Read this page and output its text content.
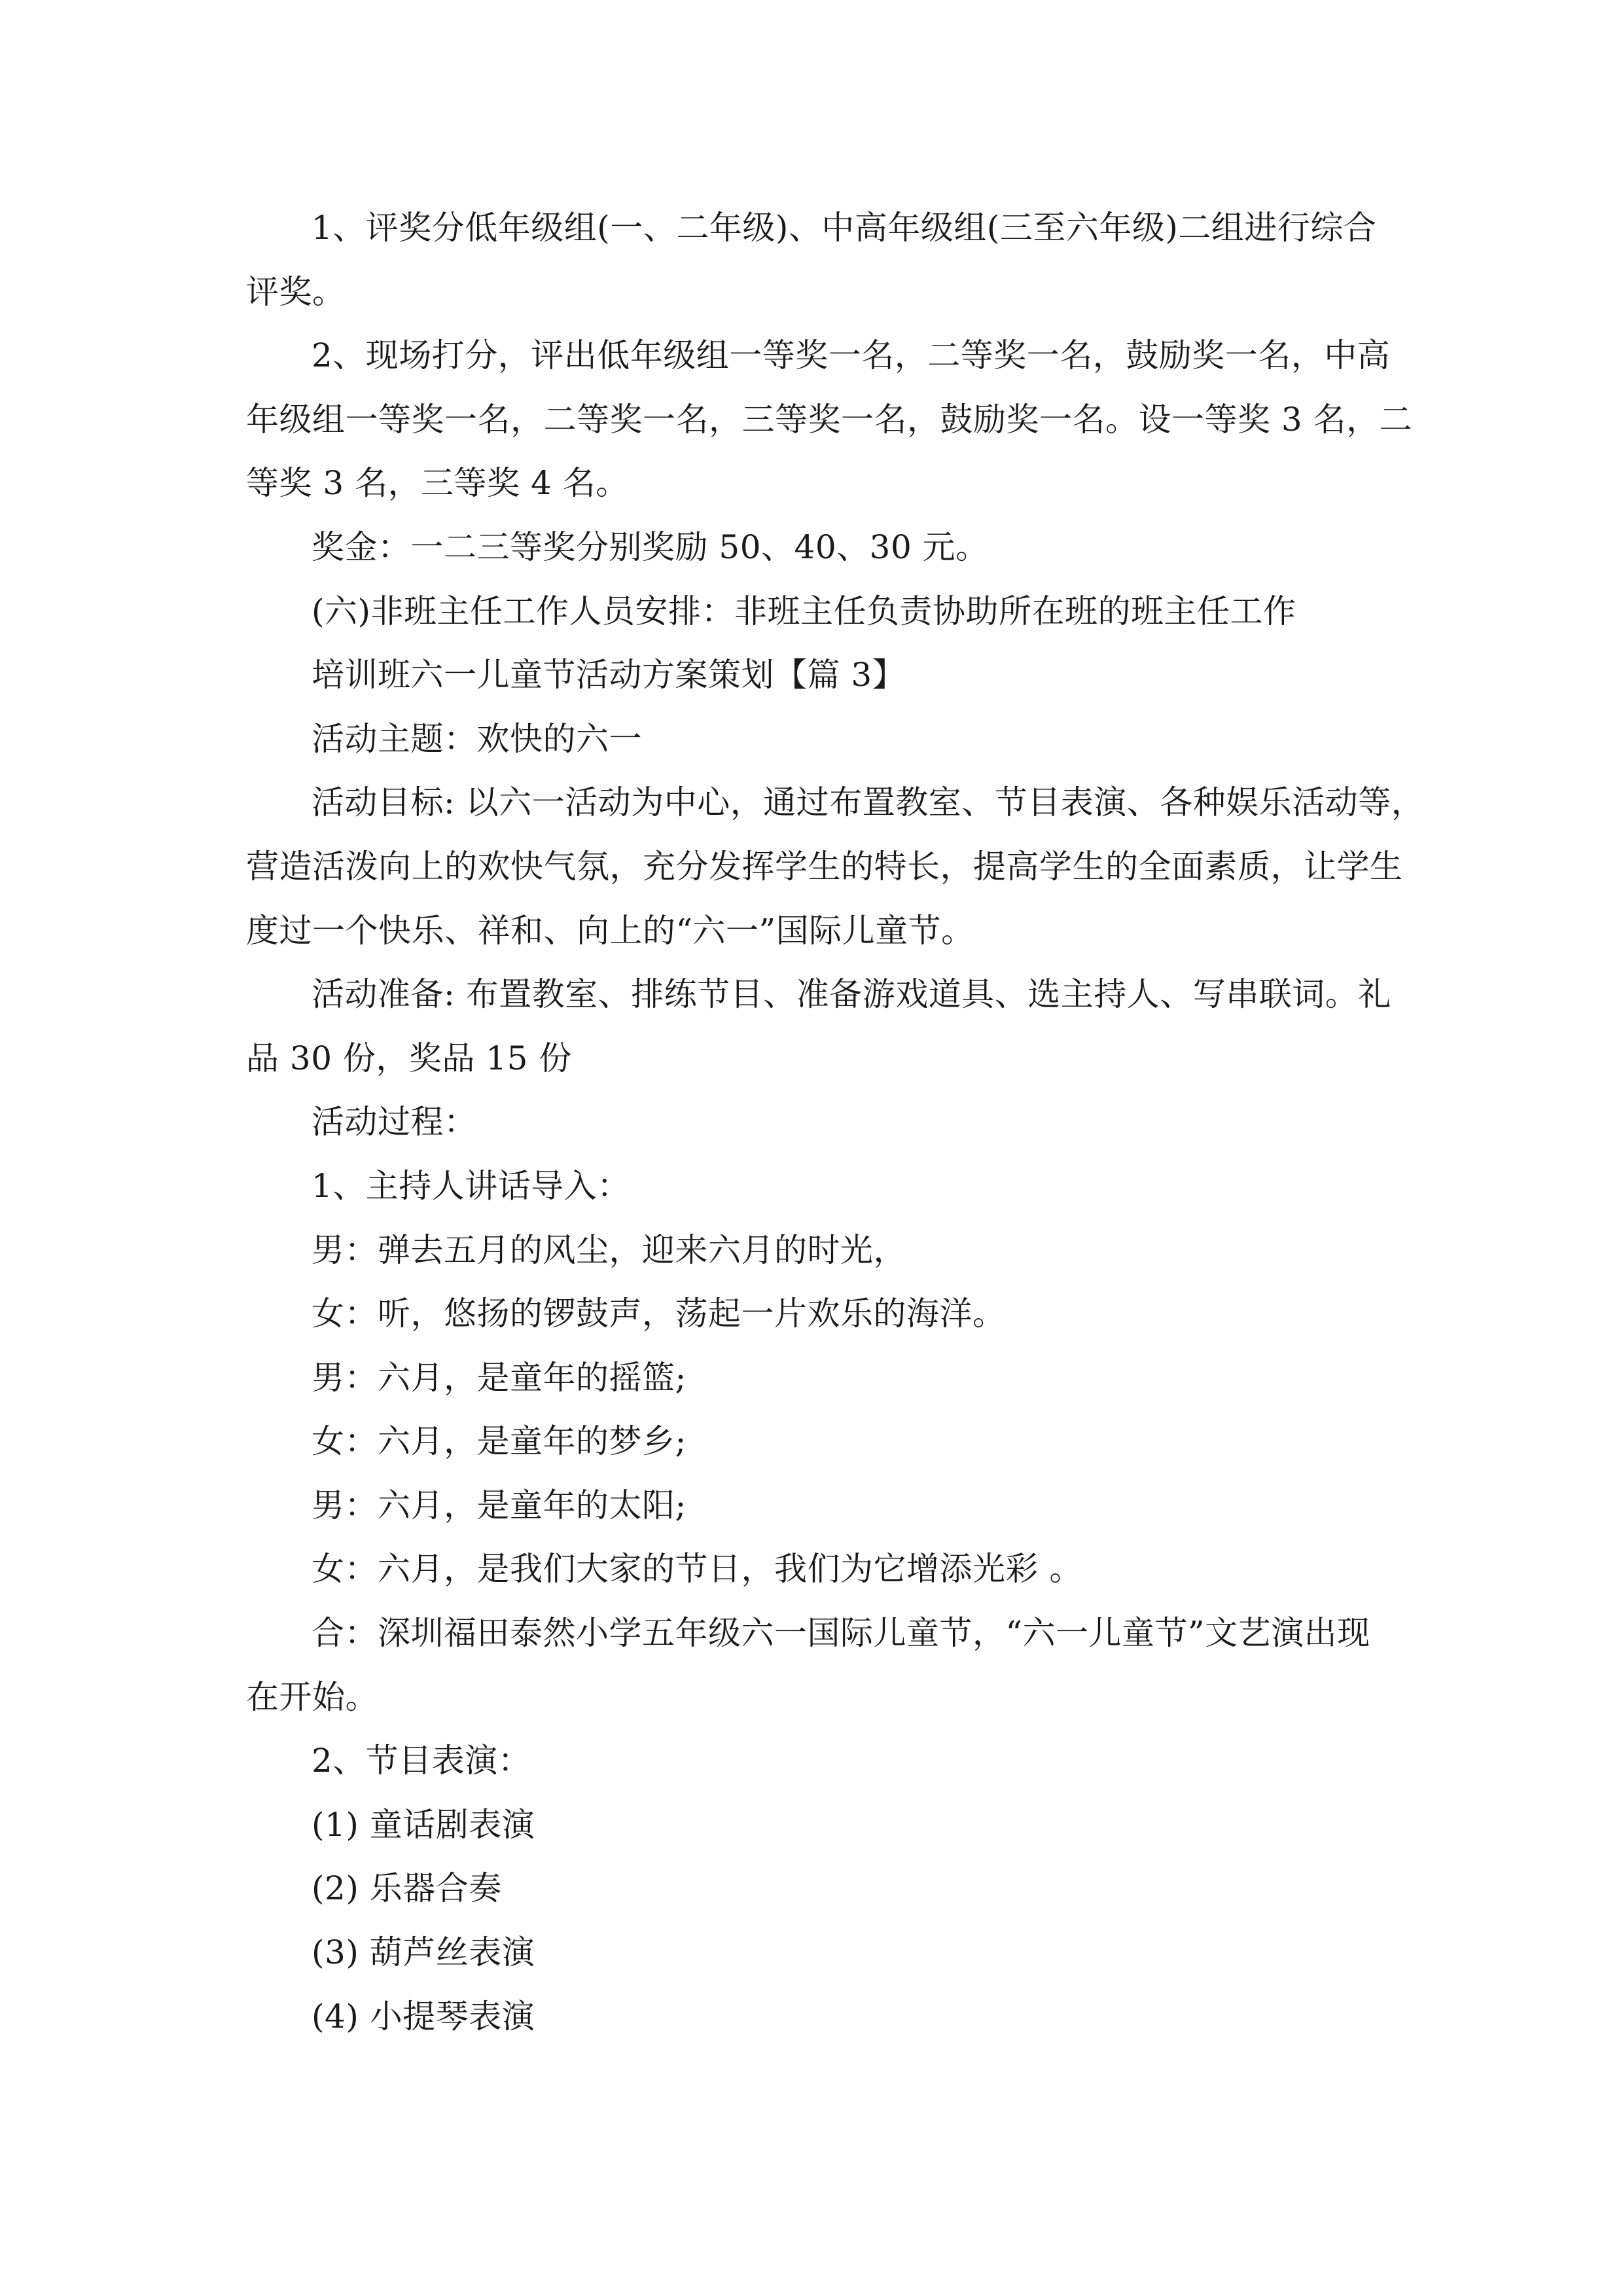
1、评奖分低年级组(一、二年级)、中高年级组(三至六年级)二组进行综合
评奖。
2、现场打分，评出低年级组一等奖一名，二等奖一名，鼓励奖一名，中高
年级组一等奖一名，二等奖一名，三等奖一名，鼓励奖一名。设一等奖 3 名，二
等奖 3 名，三等奖 4 名。
奖金：一二三等奖分别奖励 50、40、30 元。
(六)非班主任工作人员安排：非班主任负责协助所在班的班主任工作
培训班六一儿童节活动方案策划【篇 3】
活动主题：欢快的六一
活动目标: 以六一活动为中心，通过布置教室、节目表演、各种娱乐活动等，
营造活泼向上的欢快气氛，充分发挥学生的特长，提高学生的全面素质，让学生
度过一个快乐、祥和、向上的“六一”国际儿童节。
活动准备: 布置教室、排练节目、准备游戏道具、选主持人、写串联词。礼
品 30 份，奖品 15 份
活动过程：
1、主持人讲话导入：
男：弹去五月的风尘，迎来六月的时光，
女：听，悠扬的锣鼓声，荡起一片欢乐的海洋。
男：六月，是童年的摇篮;
女：六月，是童年的梦乡;
男：六月，是童年的太阳;
女：六月，是我们大家的节日，我们为它增添光彩 。
合：深圳福田泰然小学五年级六一国际儿童节，“六一儿童节”文艺演出现
在开始。
2、节目表演：
(1) 童话剧表演
(2) 乐器合奏
(3) 葫芦丝表演
(4) 小提琴表演
